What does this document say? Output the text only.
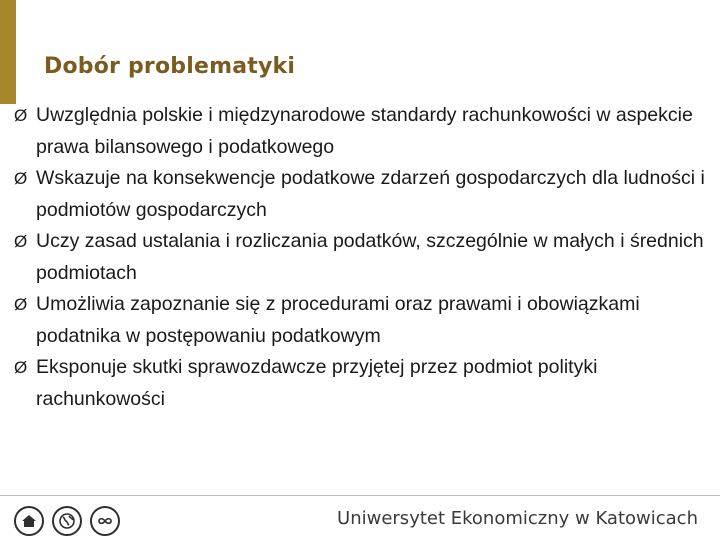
Dobór problematyki
Ø Uwzględnia polskie i międzynarodowe standardy rachunkowości w aspekcie prawa bilansowego i podatkowego
Ø Wskazuje na konsekwencje podatkowe zdarzeń gospodarczych dla ludności i podmiotów gospodarczych
Ø Uczy zasad ustalania i rozliczania podatków, szczególnie w małych i średnich podmiotach
Ø Umożliwia zapoznanie się z procedurami oraz prawami i obowiązkami podatnika w postępowaniu podatkowym
Ø Eksponuje skutki sprawozdawcze przyjętej przez podmiot polityki rachunkowości
Uniwersytet Ekonomiczny w Katowicach
